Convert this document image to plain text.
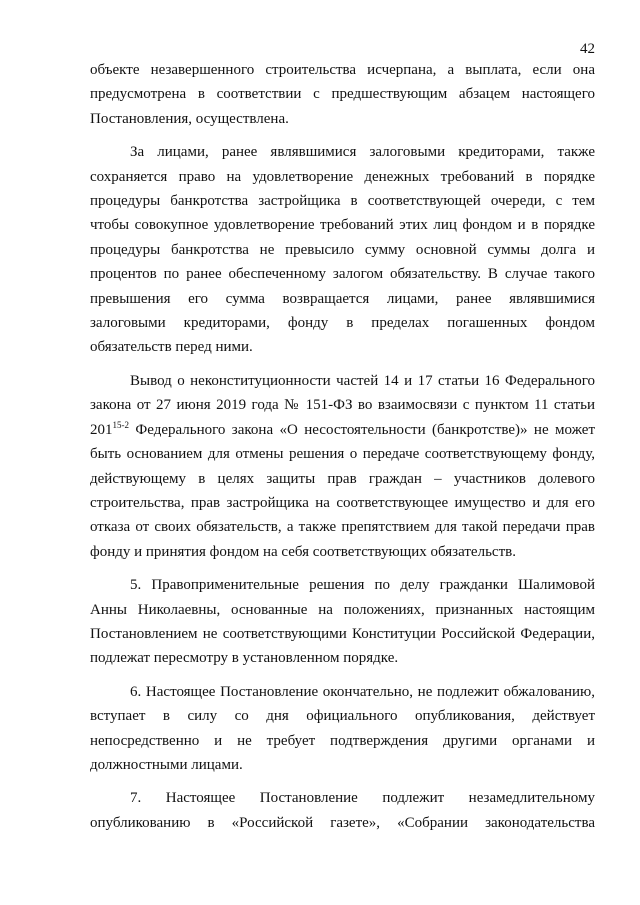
42
объекте незавершенного строительства исчерпана, а выплата, если она
предусмотрена в соответствии с предшествующим абзацем настоящего
Постановления, осуществлена.
За лицами, ранее являвшимися залоговыми кредиторами, также
сохраняется право на удовлетворение денежных требований в порядке
процедуры банкротства застройщика в соответствующей очереди, с тем
чтобы совокупное удовлетворение требований этих лиц фондом и в порядке
процедуры банкротства не превысило сумму основной суммы долга и
процентов по ранее обеспеченному залогом обязательству. В случае такого
превышения его сумма возвращается лицами, ранее являвшимися
залоговыми кредиторами, фонду в пределах погашенных фондом
обязательств перед ними.
Вывод о неконституционности частей 14 и 17 статьи 16 Федерального
закона от 27 июня 2019 года № 151-ФЗ во взаимосвязи с пунктом 11 статьи
201$^{15-2}$ Федерального закона «О несостоятельности (банкротстве)» не может
быть основанием для отмены решения о передаче соответствующему фонду,
действующему в целях защиты прав граждан – участников долевого
строительства, прав застройщика на соответствующее имущество и для его
отказа от своих обязательств, а также препятствием для такой передачи прав
фонду и принятия фондом на себя соответствующих обязательств.
5. Правоприменительные решения по делу гражданки Шалимовой
Анны Николаевны, основанные на положениях, признанных настоящим
Постановлением не соответствующими Конституции Российской Федерации,
подлежат пересмотру в установленном порядке.
6. Настоящее Постановление окончательно, не подлежит обжалованию,
вступает в силу со дня официального опубликования, действует
непосредственно и не требует подтверждения другими органами и
должностными лицами.
7. Настоящее Постановление подлежит незамедлительному
опубликованию в «Российской газете», «Собрании законодательства
